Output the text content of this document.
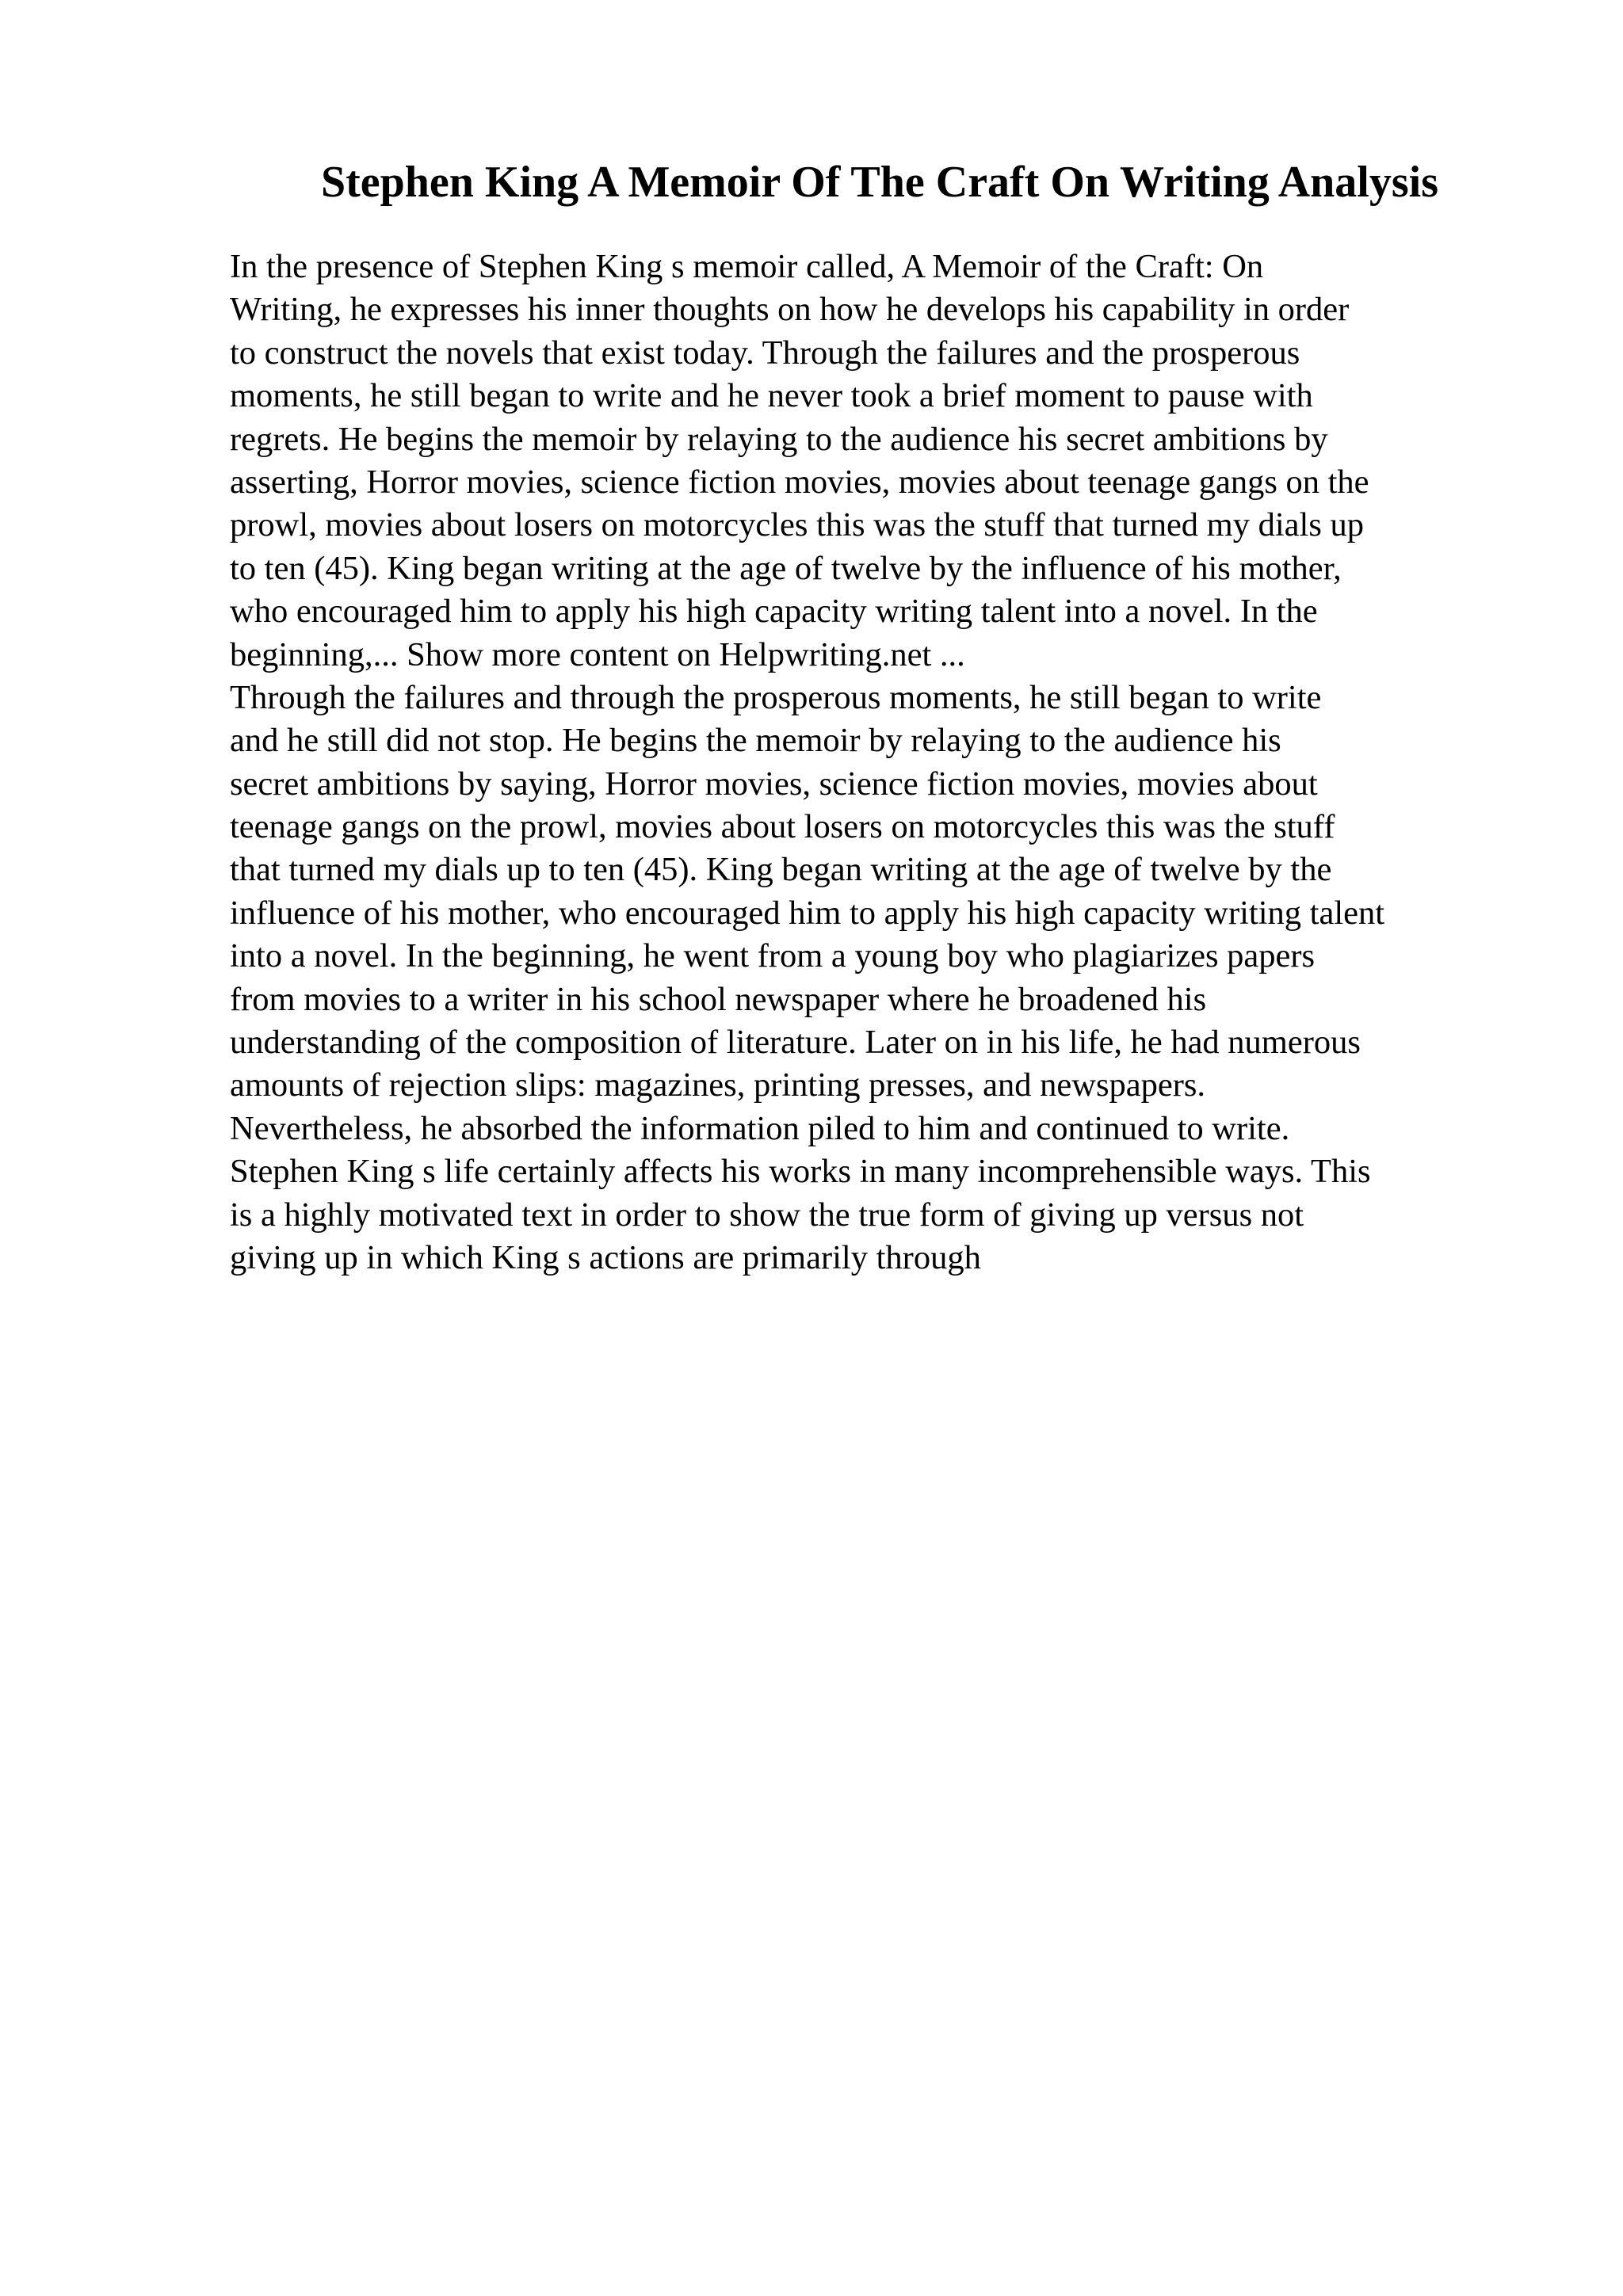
Stephen King A Memoir Of The Craft On Writing Analysis
In the presence of Stephen King s memoir called, A Memoir of the Craft: On
Writing, he expresses his inner thoughts on how he develops his capability in order
to construct the novels that exist today. Through the failures and the prosperous
moments, he still began to write and he never took a brief moment to pause with
regrets. He begins the memoir by relaying to the audience his secret ambitions by
asserting, Horror movies, science fiction movies, movies about teenage gangs on the
prowl, movies about losers on motorcycles this was the stuff that turned my dials up
to ten (45). King began writing at the age of twelve by the influence of his mother,
who encouraged him to apply his high capacity writing talent into a novel. In the
beginning,... Show more content on Helpwriting.net ...
Through the failures and through the prosperous moments, he still began to write
and he still did not stop. He begins the memoir by relaying to the audience his
secret ambitions by saying, Horror movies, science fiction movies, movies about
teenage gangs on the prowl, movies about losers on motorcycles this was the stuff
that turned my dials up to ten (45). King began writing at the age of twelve by the
influence of his mother, who encouraged him to apply his high capacity writing talent
into a novel. In the beginning, he went from a young boy who plagiarizes papers
from movies to a writer in his school newspaper where he broadened his
understanding of the composition of literature. Later on in his life, he had numerous
amounts of rejection slips: magazines, printing presses, and newspapers.
Nevertheless, he absorbed the information piled to him and continued to write.
Stephen King s life certainly affects his works in many incomprehensible ways. This
is a highly motivated text in order to show the true form of giving up versus not
giving up in which King s actions are primarily through
